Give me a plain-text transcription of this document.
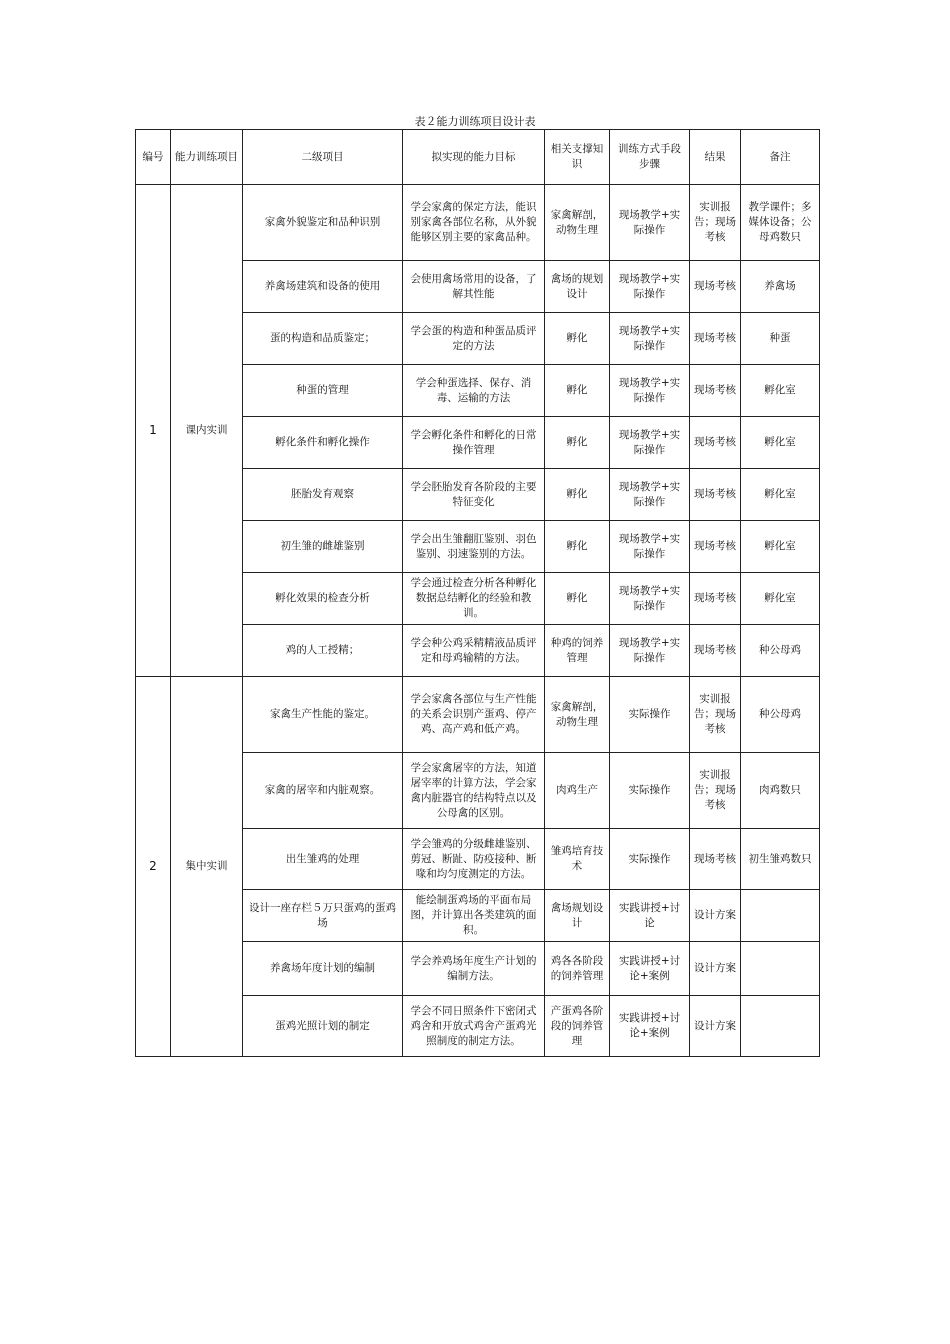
表２能力训练项目设计表
编号	能力训练项目	二级项目	拟实现的能力目标	相关支撑知识	训练方式手段步骤	结果	备注
1	课内实训	家禽外貌鉴定和品种识别	学会家禽的保定方法，能识别家禽各部位名称，从外貌能够区别主要的家禽品种。	家禽解剖，动物生理	现场教学+实际操作	实训报告；现场考核	教学课件；多媒体设备；公母鸡数只
		养禽场建筑和设备的使用	会使用禽场常用的设备，了解其性能	禽场的规划设计	现场教学+实际操作	现场考核	养禽场
		蛋的构造和品质鉴定；	学会蛋的构造和种蛋品质评定的方法	孵化	现场教学+实际操作	现场考核	种蛋
		种蛋的管理	学会种蛋选择、保存、消毒、运输的方法	孵化	现场教学+实际操作	现场考核	孵化室
		孵化条件和孵化操作	学会孵化条件和孵化的日常操作管理	孵化	现场教学+实际操作	现场考核	孵化室
		胚胎发育观察	学会胚胎发育各阶段的主要特征变化	孵化	现场教学+实际操作	现场考核	孵化室
		初生雏的雌雄鉴别	学会出生雏翻肛鉴别、羽色鉴别、羽速鉴别的方法。	孵化	现场教学+实际操作	现场考核	孵化室
		孵化效果的检查分析	学会通过检查分析各种孵化数据总结孵化的经验和教训。	孵化	现场教学+实际操作	现场考核	孵化室
		鸡的人工授精；	学会种公鸡采精精液品质评定和母鸡输精的方法。	种鸡的饲养管理	现场教学+实际操作	现场考核	种公母鸡
2	集中实训	家禽生产性能的鉴定。	学会家禽各部位与生产性能的关系会识别产蛋鸡、停产鸡、高产鸡和低产鸡。	家禽解剖，动物生理	实际操作	实训报告；现场考核	种公母鸡
		家禽的屠宰和内脏观察。	学会家禽屠宰的方法，知道屠宰率的计算方法，学会家禽内脏器官的结构特点以及公母禽的区别。	肉鸡生产	实际操作	实训报告；现场考核	肉鸡数只
		出生雏鸡的处理	学会雏鸡的分级雌雄鉴别、剪冠、断趾、防疫接种、断喙和均匀度测定的方法。	雏鸡培育技术	实际操作	现场考核	初生雏鸡数只
		设计一座存栏５万只蛋鸡的蛋鸡场	能绘制蛋鸡场的平面布局图，并计算出各类建筑的面积。	禽场规划设计	实践讲授+讨论	设计方案	
		养禽场年度计划的编制	学会养鸡场年度生产计划的编制方法。	鸡各各阶段的饲养管理	实践讲授+讨论+案例	设计方案	
		蛋鸡光照计划的制定	学会不同日照条件下密闭式鸡舍和开放式鸡舍产蛋鸡光照制度的制定方法。	产蛋鸡各阶段的饲养管理	实践讲授+讨论+案例	设计方案	
